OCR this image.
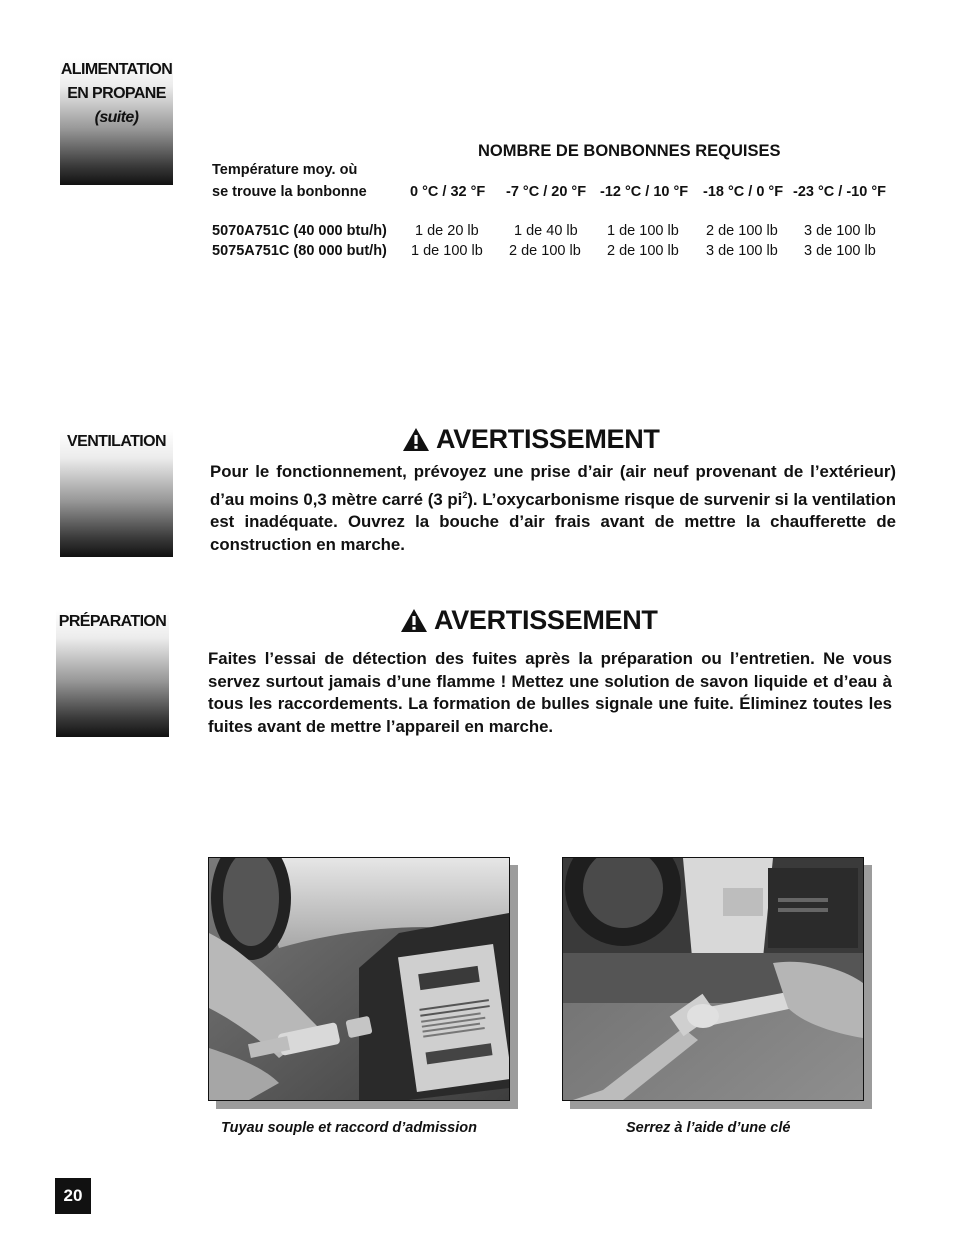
ALIMENTATION
EN PROPANE
(suite)
VENTILATION
PRÉPARATION
NOMBRE DE BONBONNES REQUISES
Température moy. où
se trouve la bonbonne	0 °C / 32 °F -7 °C / 20 °F -12 °C / 10 °F -18 °C / 0 °F -23 °C / -10 °F
5070A751C (40 000 btu/h) 1 de 20 lb 1 de 40 lb 1 de 100 lb 2 de 100 lb 3 de 100 lb
5075A751C (80 000 but/h) 1 de 100 lb 2 de 100 lb 2 de 100 lb 3 de 100 lb 3 de 100 lb
AVERTISSEMENT
Pour le fonctionnement, prévoyez une prise d’air (air neuf provenant de l’extérieur) d’au moins 0,3 mètre carré (3 $pi^2$). L’oxycarbonisme risque de survenir si la ventilation est inadéquate. Ouvrez la bouche d’air frais avant de mettre la chaufferette de construction en marche.
AVERTISSEMENT
Faites l’essai de détection des fuites après la préparation ou l’entretien. Ne vous servez surtout jamais d’une flamme ! Mettez une solution de savon liquide et d’eau à tous les raccordements. La formation de bulles signale une fuite. Éliminez toutes les fuites avant de mettre l’appareil en marche.
Tuyau souple et raccord d’admission	Serrez à l’aide d’une clé
20
